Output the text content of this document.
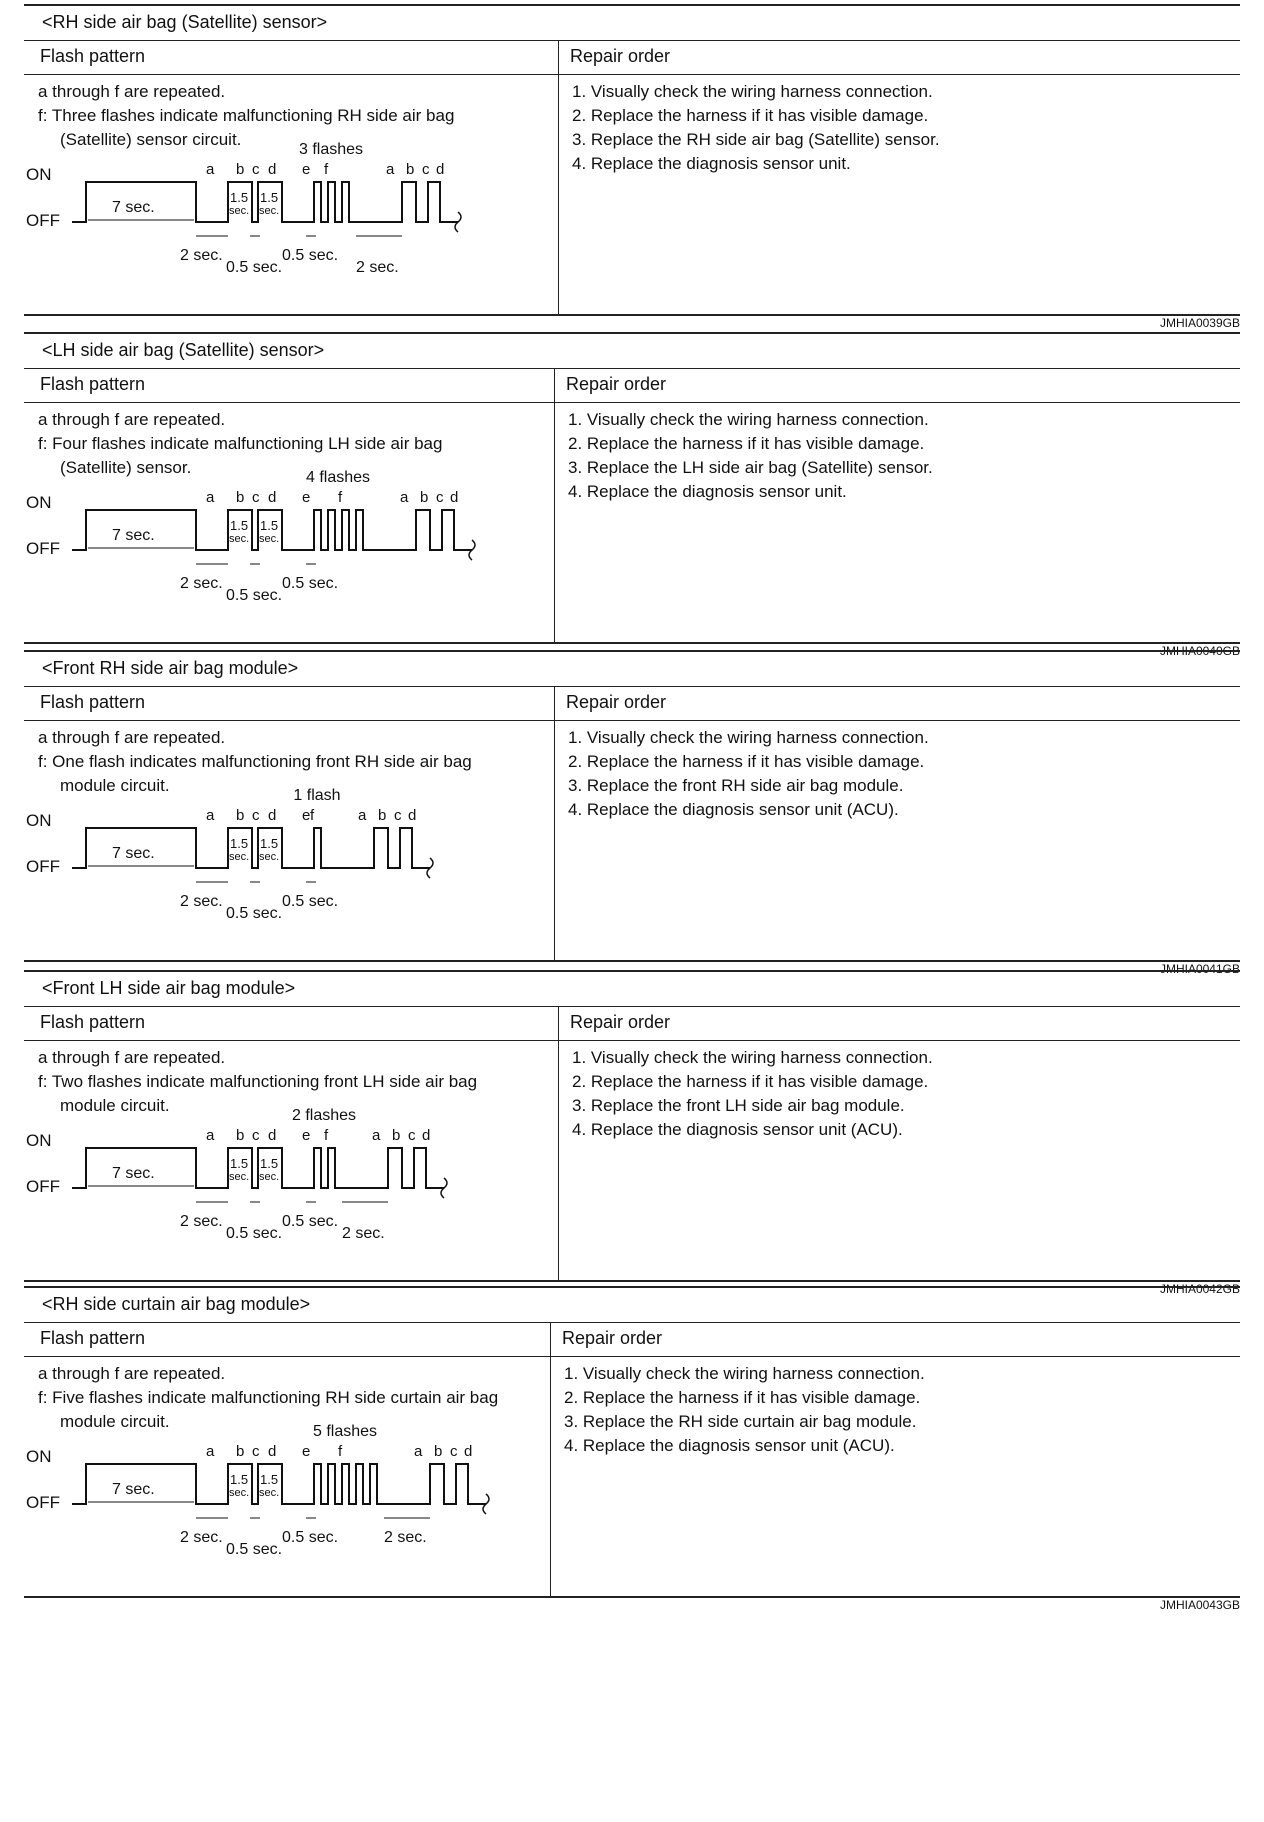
<RH side air bag (Satellite) sensor>
Flash pattern	Repair order
a through f are repeated.
f: Three flashes indicate malfunctioning RH side air bag
(Satellite) sensor circuit.
1. Visually check the wiring harness connection.
2. Replace the harness if it has visible damage.
3. Replace the RH side air bag (Satellite) sensor.
4. Replace the diagnosis sensor unit.
JMHIA0039GB
ON
OFF
7 sec.
1.5
sec.
1.5
sec.
a b c d e f	a b c d
3 flashes
2 sec.
0.5 sec.
0.5 sec.
2 sec.
<LH side air bag (Satellite) sensor>
Flash pattern	Repair order
a through f are repeated.
f: Four flashes indicate malfunctioning LH side air bag
(Satellite) sensor.
1. Visually check the wiring harness connection.
2. Replace the harness if it has visible damage.
3. Replace the LH side air bag (Satellite) sensor.
4. Replace the diagnosis sensor unit.
JMHIA0040GB
ON
OFF
7 sec.
1.5
sec.
1.5
sec.
a b c d e f	a b c d
4 flashes
2 sec.
0.5 sec.
0.5 sec.
<Front RH side air bag module>
Flash pattern	Repair order
a through f are repeated.
f: One flash indicates malfunctioning front RH side air bag
module circuit.
1. Visually check the wiring harness connection.
2. Replace the harness if it has visible damage.
3. Replace the front RH side air bag module.
4. Replace the diagnosis sensor unit (ACU).
JMHIA0041GB
ON
OFF
7 sec.
1.5
sec.
1.5
sec.
a b c d e f	a b c d
1 flash
2 sec.
0.5 sec.
0.5 sec.
<Front LH side air bag module>
Flash pattern	Repair order
a through f are repeated.
f: Two flashes indicate malfunctioning front LH side air bag
module circuit.
1. Visually check the wiring harness connection.
2. Replace the harness if it has visible damage.
3. Replace the front LH side air bag module.
4. Replace the diagnosis sensor unit (ACU).
JMHIA0042GB
ON
OFF
7 sec.
1.5
sec.
1.5
sec.
a b c d e f	a b c d
2 flashes
2 sec.
0.5 sec.
0.5 sec.
2 sec.
<RH side curtain air bag module>
Flash pattern	Repair order
a through f are repeated.
f: Five flashes indicate malfunctioning RH side curtain air bag
module circuit.
1. Visually check the wiring harness connection.
2. Replace the harness if it has visible damage.
3. Replace the RH side curtain air bag module.
4. Replace the diagnosis sensor unit (ACU).
JMHIA0043GB
ON
OFF
7 sec.
1.5
sec.
1.5
sec.
a b c d e f	a b c d
5 flashes
2 sec.
0.5 sec.
0.5 sec.	2 sec.
